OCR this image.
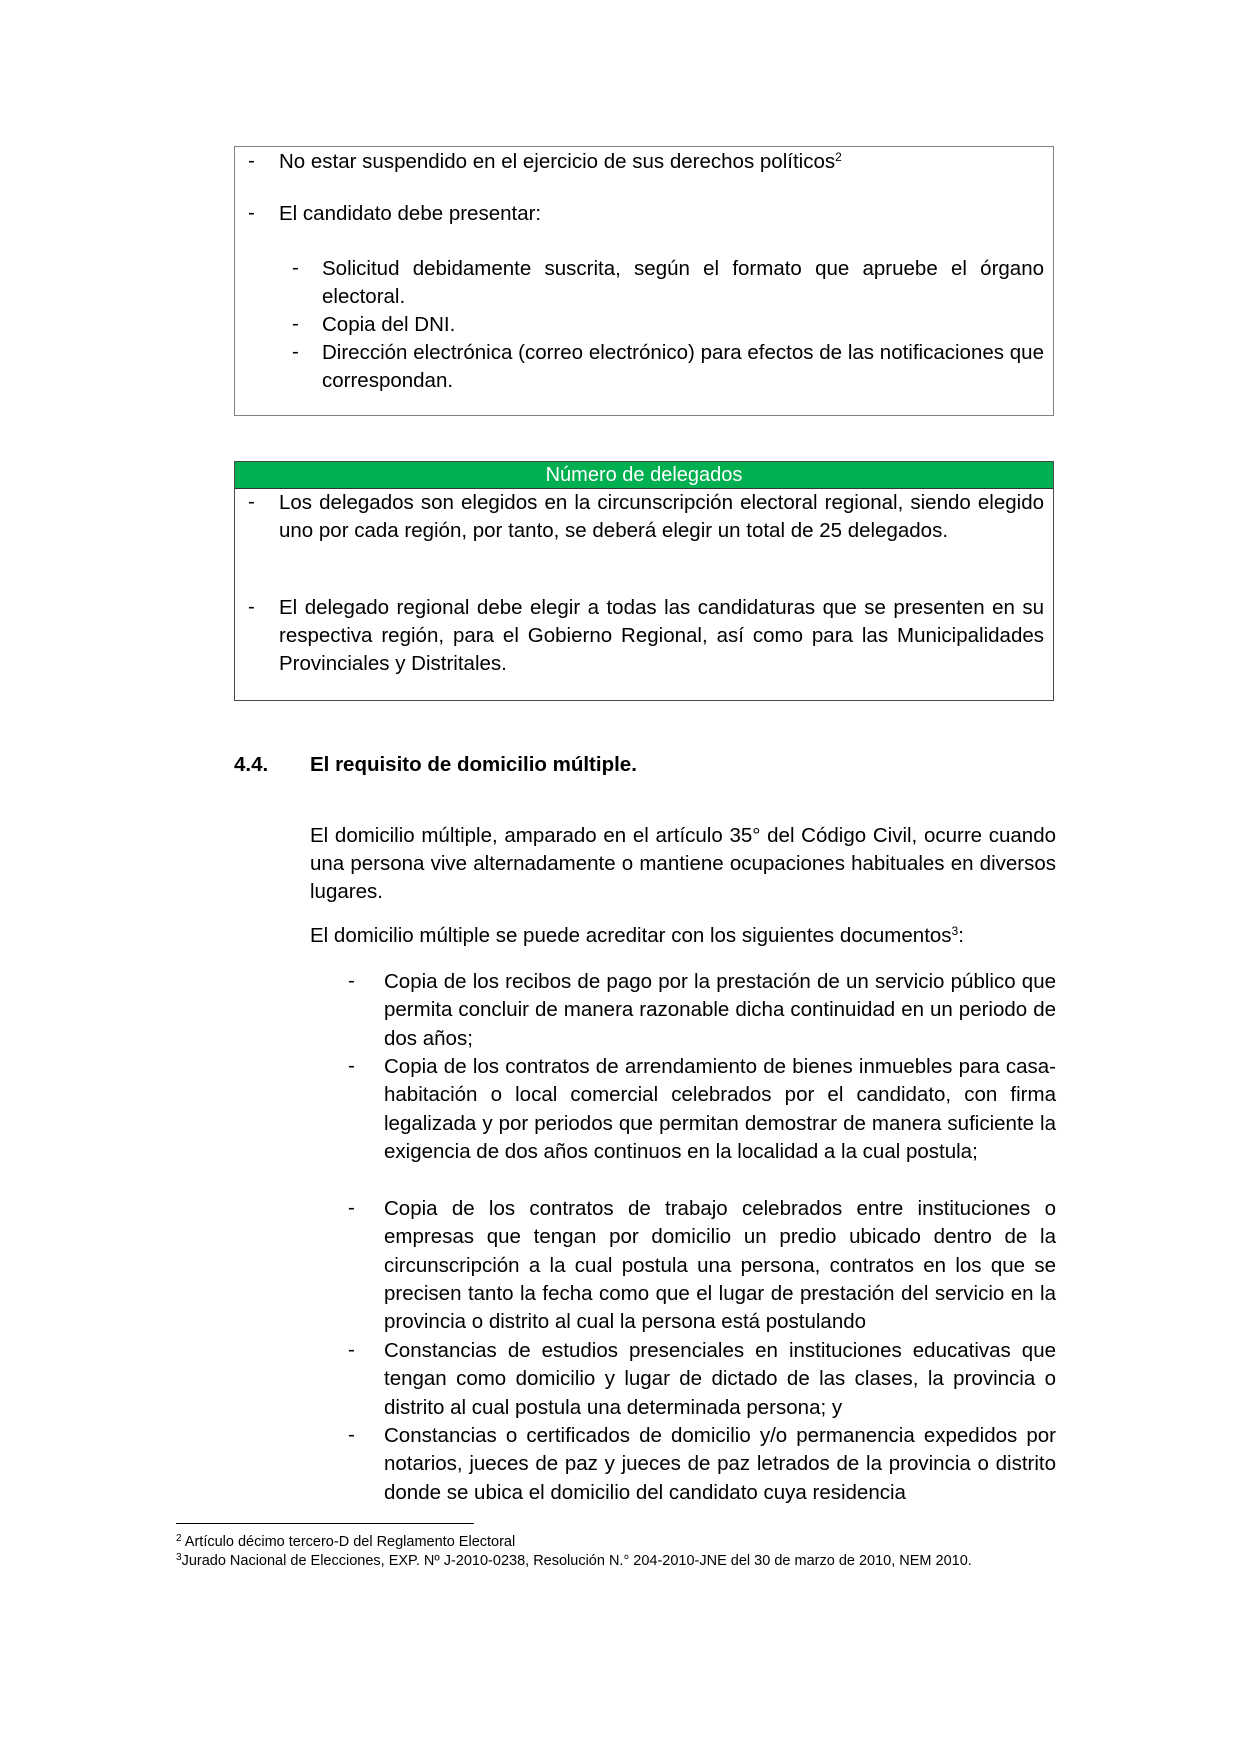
- No estar suspendido en el ejercicio de sus derechos políticos$^2$
- El candidato debe presentar:
- Solicitud debidamente suscrita, según el formato que apruebe el órgano electoral.
- Copia del DNI.
- Dirección electrónica (correo electrónico) para efectos de las notificaciones que correspondan.
Número de delegados
- Los delegados son elegidos en la circunscripción electoral regional, siendo elegido uno por cada región, por tanto, se deberá elegir un total de 25 delegados.
- El delegado regional debe elegir a todas las candidaturas que se presenten en su respectiva región, para el Gobierno Regional, así como para las Municipalidades Provinciales y Distritales.
4.4. El requisito de domicilio múltiple.
El domicilio múltiple, amparado en el artículo 35° del Código Civil, ocurre cuando una persona vive alternadamente o mantiene ocupaciones habituales en diversos lugares.
El domicilio múltiple se puede acreditar con los siguientes documentos$^3$:
- Copia de los recibos de pago por la prestación de un servicio público que permita concluir de manera razonable dicha continuidad en un periodo de dos años;
- Copia de los contratos de arrendamiento de bienes inmuebles para casa-habitación o local comercial celebrados por el candidato, con firma legalizada y por periodos que permitan demostrar de manera suficiente la exigencia de dos años continuos en la localidad a la cual postula;
- Copia de los contratos de trabajo celebrados entre instituciones o empresas que tengan por domicilio un predio ubicado dentro de la circunscripción a la cual postula una persona, contratos en los que se precisen tanto la fecha como que el lugar de prestación del servicio en la provincia o distrito al cual la persona está postulando
- Constancias de estudios presenciales en instituciones educativas que tengan como domicilio y lugar de dictado de las clases, la provincia o distrito al cual postula una determinada persona; y
- Constancias o certificados de domicilio y/o permanencia expedidos por notarios, jueces de paz y jueces de paz letrados de la provincia o distrito donde se ubica el domicilio del candidato cuya residencia
$^2$ Artículo décimo tercero-D del Reglamento Electoral
$^3$Jurado Nacional de Elecciones, EXP. Nº J-2010-0238, Resolución N.° 204-2010-JNE del 30 de marzo de 2010, NEM 2010.
